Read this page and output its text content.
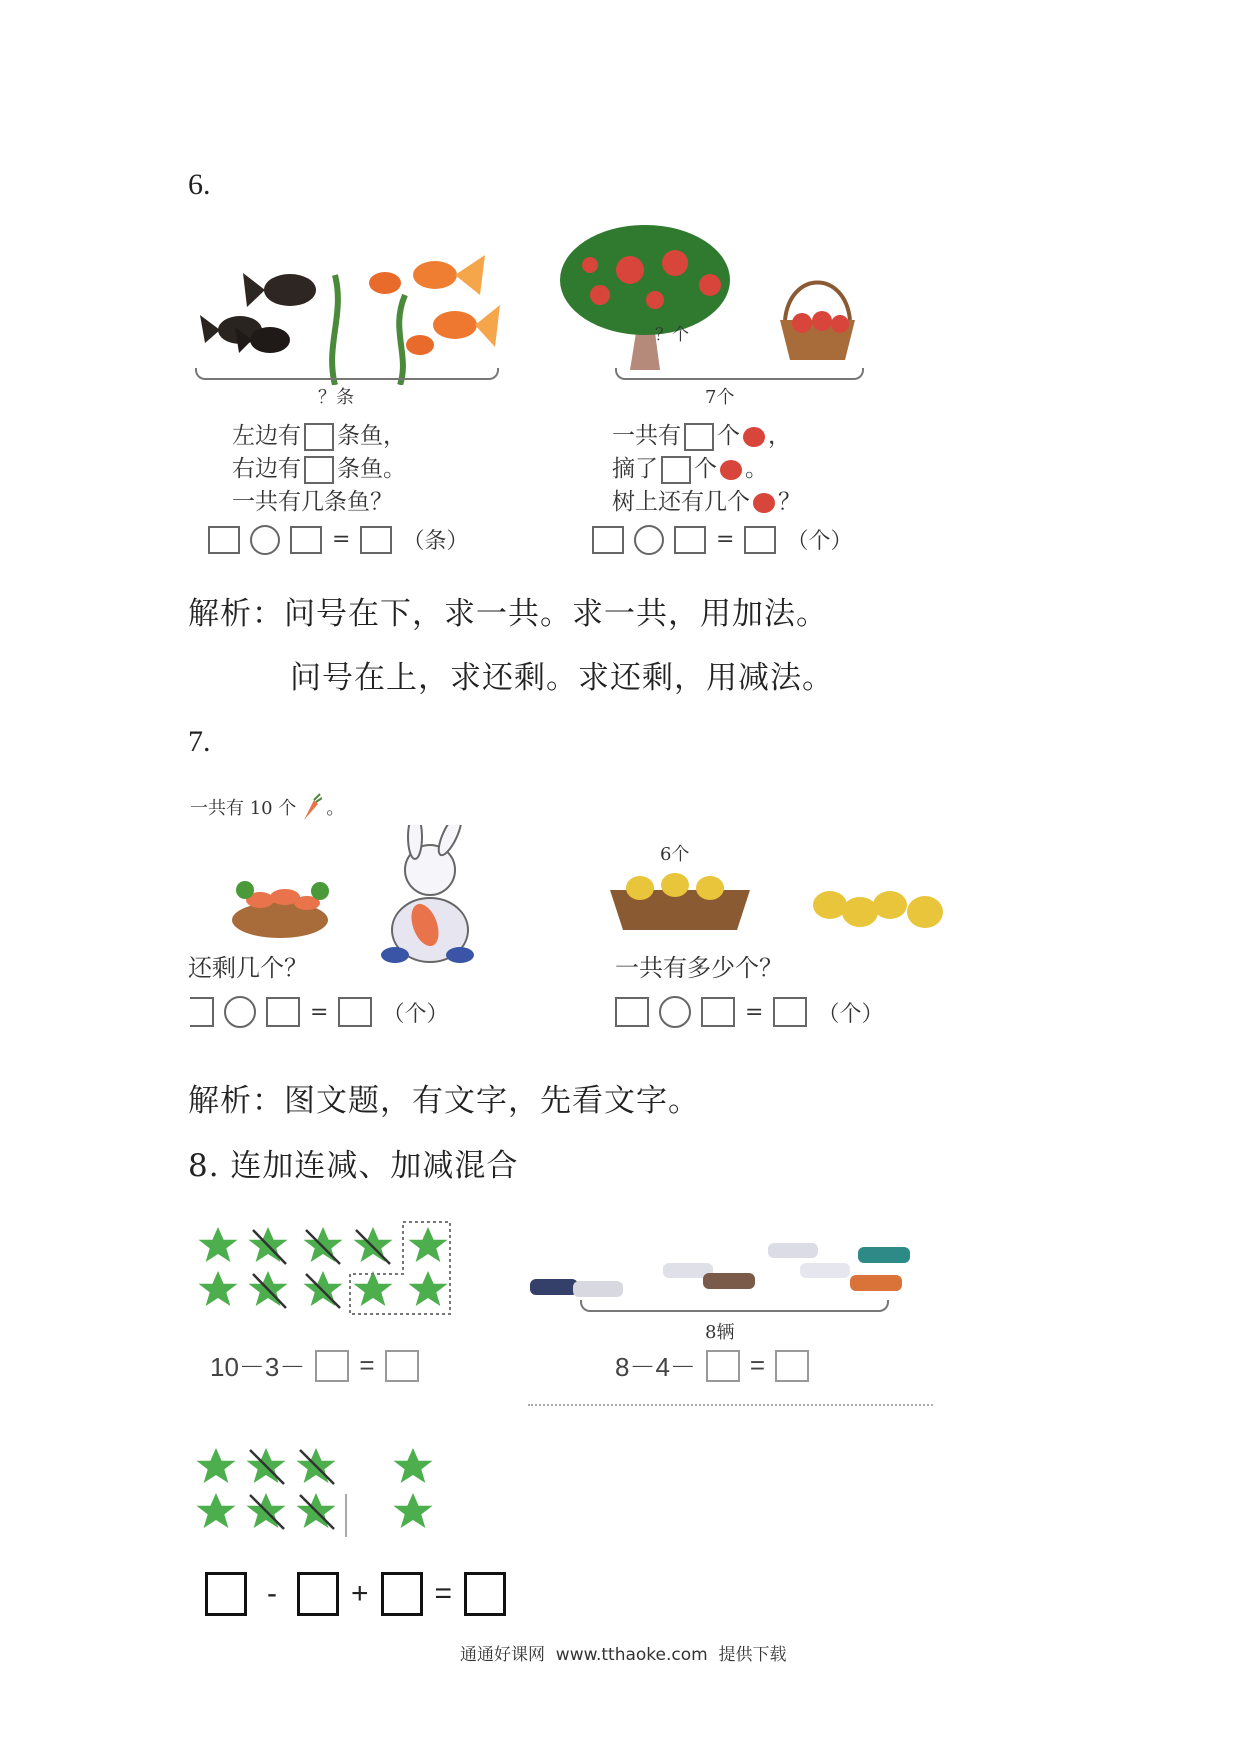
6.
？条
左边有 条鱼，
右边有 条鱼。
一共有几条鱼？
= （条）
？个
7个
一共有 个 ，
摘了 个 。
树上还有几个 ？
= （个）
解析：问号在下，求一共。求一共，用加法。
问号在上，求还剩。求还剩，用减法。
7.
一共有 10 个 。
还剩几个？
= （个）
6个
一共有多少个？
= （个）
解析：图文题，有文字，先看文字。
8. 连加连减、加减混合
10－3－ =
8辆
8－4－ =
- + =
通通好课网  www.tthaoke.com  提供下载
